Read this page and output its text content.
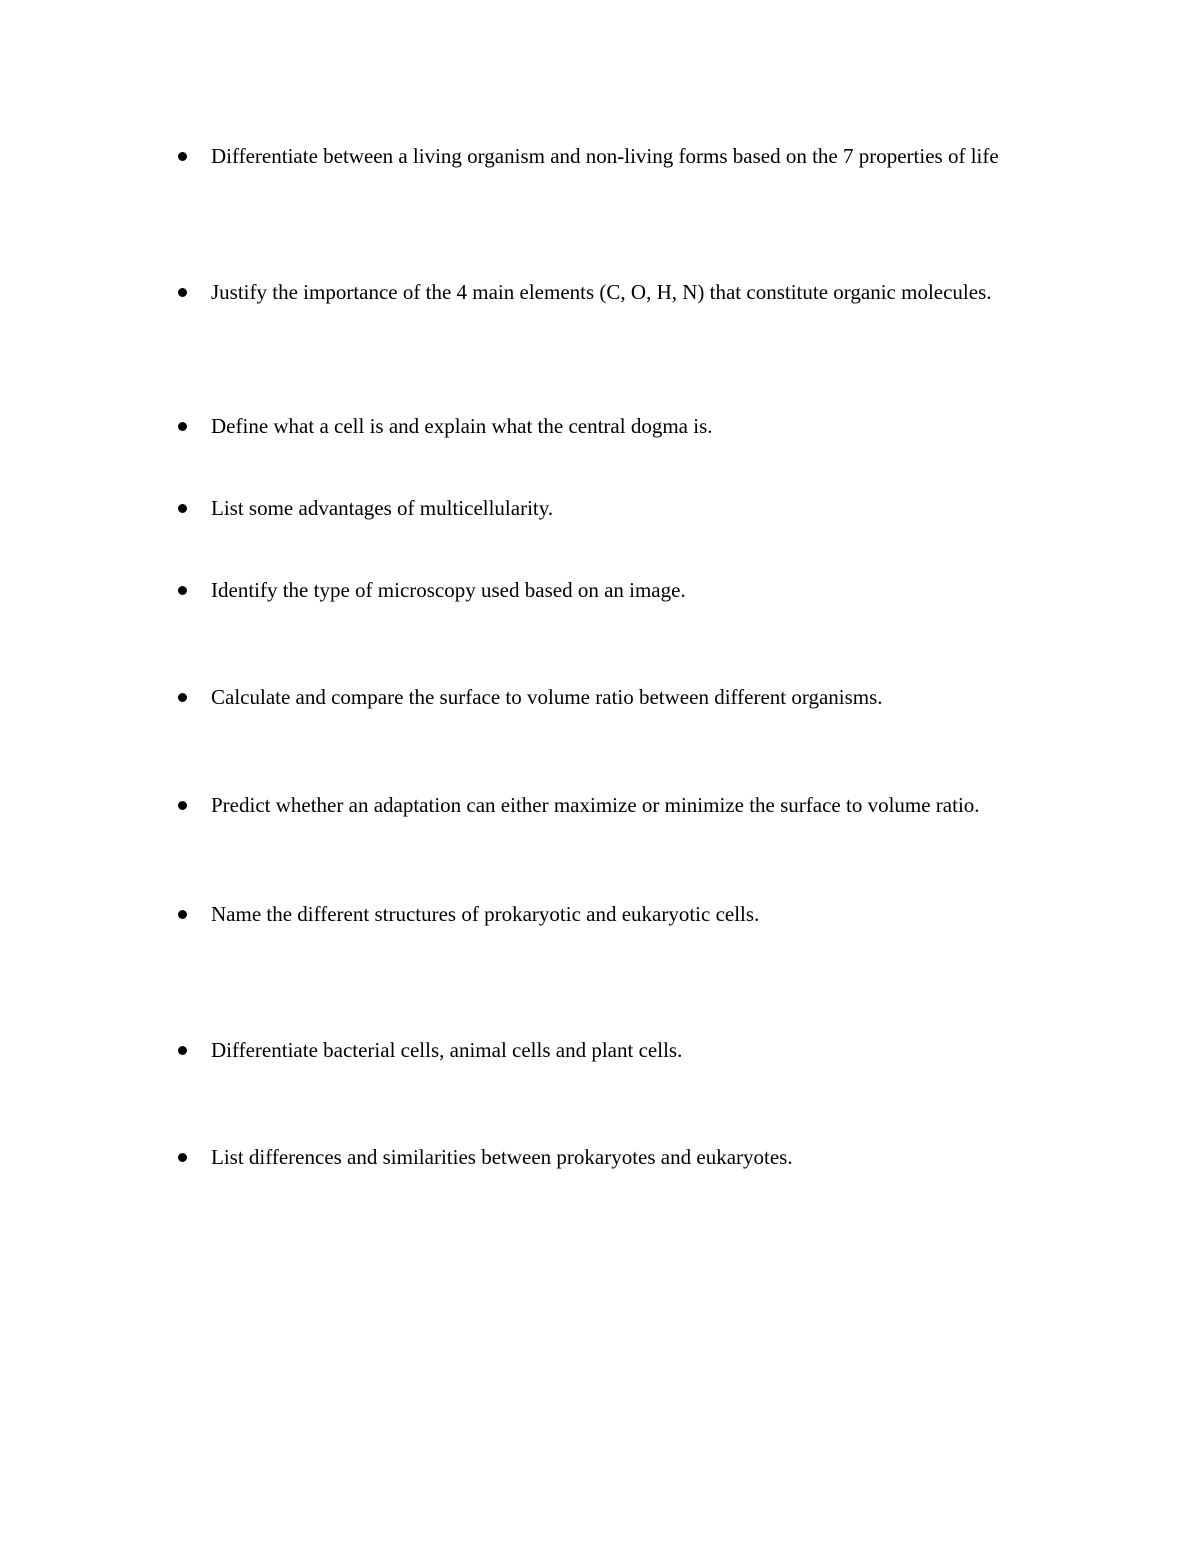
Differentiate between a living organism and non-living forms based on the 7 properties of life
Justify the importance of the 4 main elements (C, O, H, N) that constitute organic molecules.
Define what a cell is and explain what the central dogma is.
List some advantages of multicellularity.
Identify the type of microscopy used based on an image.
Calculate and compare the surface to volume ratio between different organisms.
Predict whether an adaptation can either maximize or minimize the surface to volume ratio.
Name the different structures of prokaryotic and eukaryotic cells.
Differentiate bacterial cells, animal cells and plant cells.
List differences and similarities between prokaryotes and eukaryotes.
